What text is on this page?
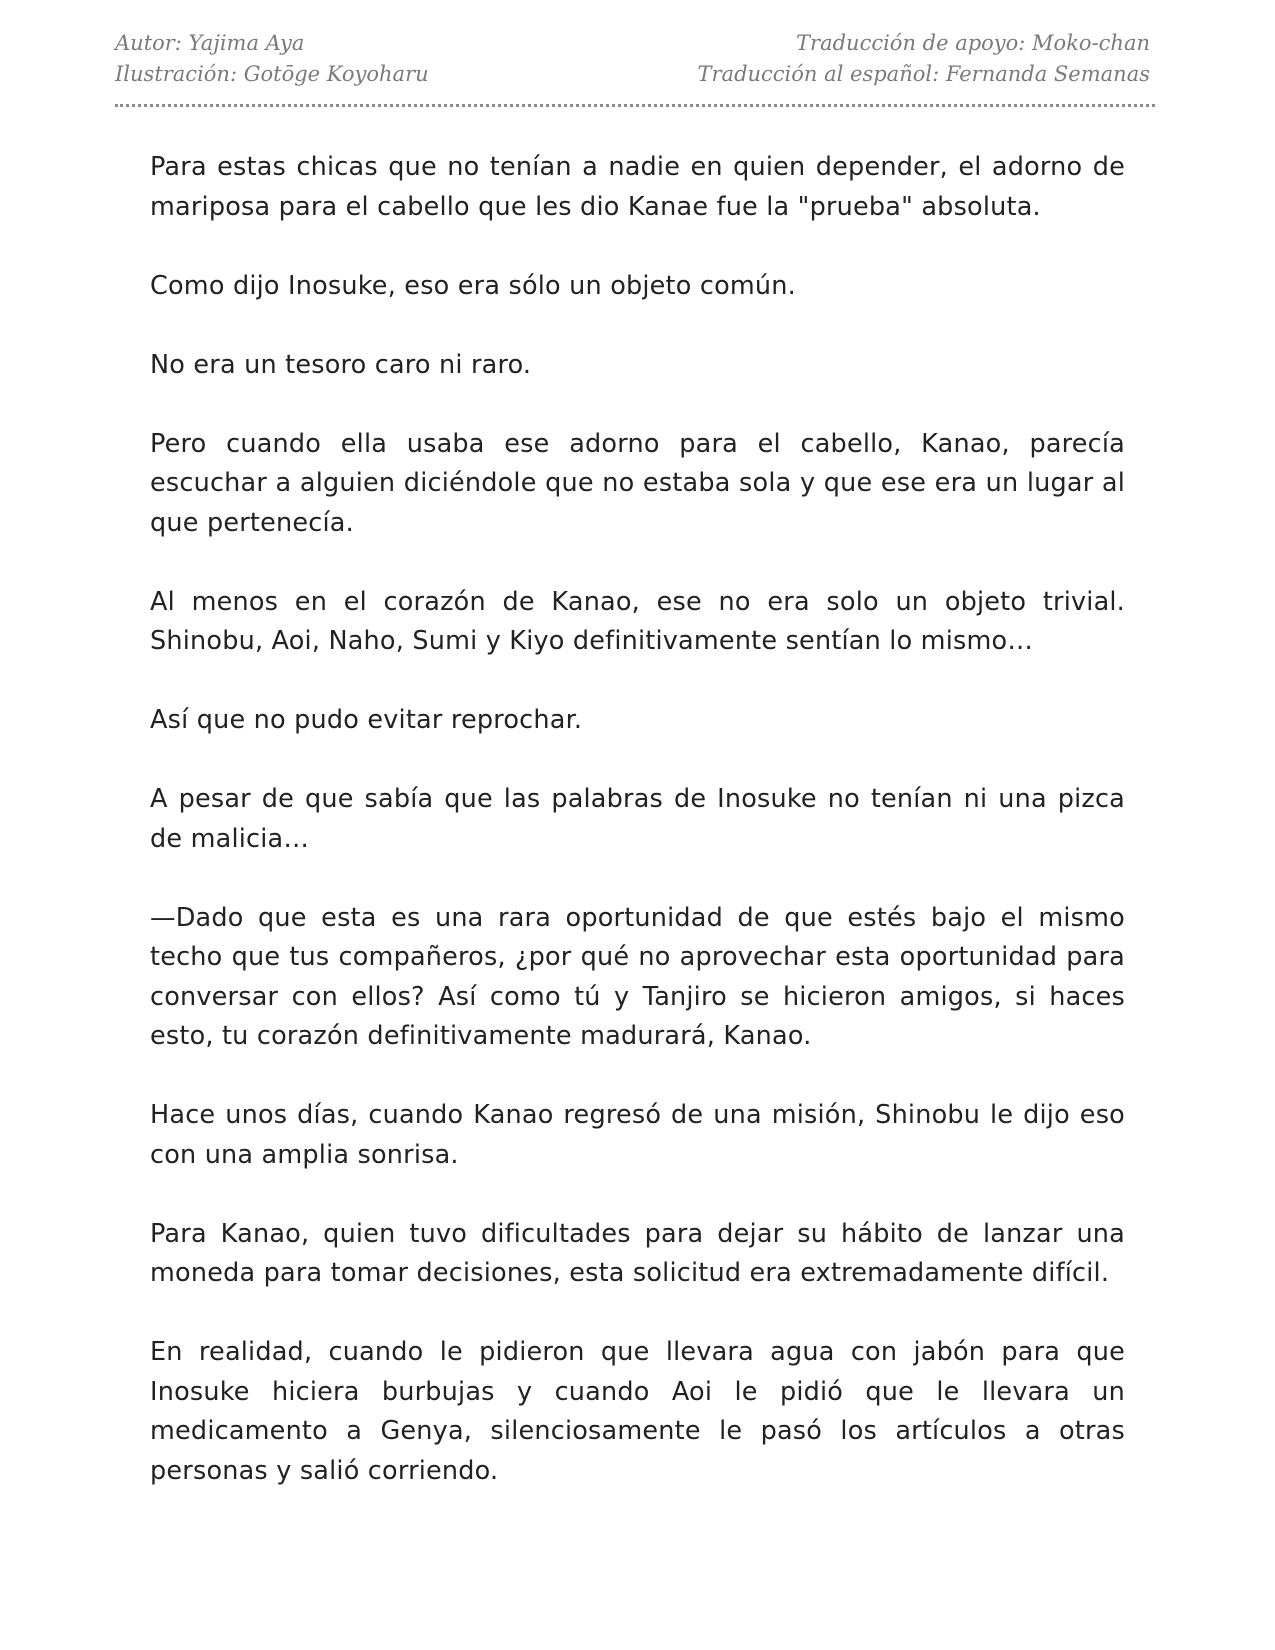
Autor: Yajima Aya	Traducción de apoyo: Moko-chan
Ilustración: Gotōge Koyoharu	Traducción al español: Fernanda Semanas

Para estas chicas que no tenían a nadie en quien depender, el adorno de mariposa para el cabello que les dio Kanae fue la "prueba" absoluta.

Como dijo Inosuke, eso era sólo un objeto común.

No era un tesoro caro ni raro.

Pero cuando ella usaba ese adorno para el cabello, Kanao, parecía escuchar a alguien diciéndole que no estaba sola y que ese era un lugar al que pertenecía.

Al menos en el corazón de Kanao, ese no era solo un objeto trivial. Shinobu, Aoi, Naho, Sumi y Kiyo definitivamente sentían lo mismo…

Así que no pudo evitar reprochar.

A pesar de que sabía que las palabras de Inosuke no tenían ni una pizca de malicia…

—Dado que esta es una rara oportunidad de que estés bajo el mismo techo que tus compañeros, ¿por qué no aprovechar esta oportunidad para conversar con ellos? Así como tú y Tanjiro se hicieron amigos, si haces esto, tu corazón definitivamente madurará, Kanao.

Hace unos días, cuando Kanao regresó de una misión, Shinobu le dijo eso con una amplia sonrisa.

Para Kanao, quien tuvo dificultades para dejar su hábito de lanzar una moneda para tomar decisiones, esta solicitud era extremadamente difícil.

En realidad, cuando le pidieron que llevara agua con jabón para que Inosuke hiciera burbujas y cuando Aoi le pidió que le llevara un medicamento a Genya, silenciosamente le pasó los artículos a otras personas y salió corriendo.
